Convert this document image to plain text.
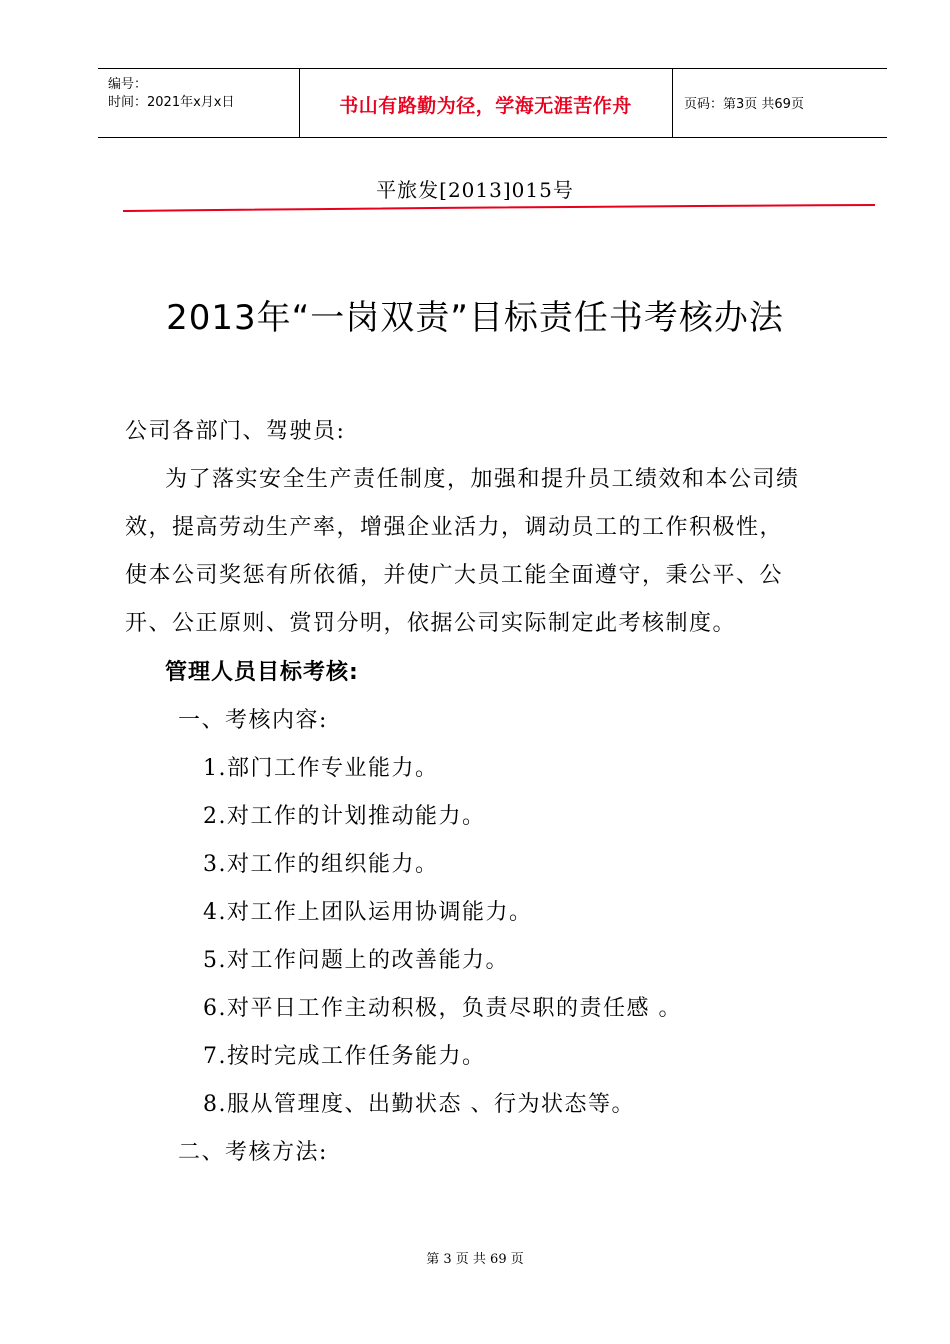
编号：
时间：2021年x月x日	书山有路勤为径，学海无涯苦作舟	页码：第3页 共69页
平旅发[2013]015号
2013年“一岗双责”目标责任书考核办法
公司各部门、驾驶员:
为了落实安全生产责任制度，加强和提升员工绩效和本公司绩
效，提高劳动生产率，增强企业活力，调动员工的工作积极性，
使本公司奖惩有所依循，并使广大员工能全面遵守，秉公平、公
开、公正原则、赏罚分明，依据公司实际制定此考核制度。
管理人员目标考核:
一、考核内容:
1.部门工作专业能力。
2.对工作的计划推动能力。
3.对工作的组织能力。
4.对工作上团队运用协调能力。
5.对工作问题上的改善能力。
6.对平日工作主动积极，负责尽职的责任感 。
7.按时完成工作任务能力。
8.服从管理度、出勤状态 、行为状态等。
二、考核方法:
第 3 页 共 69 页
